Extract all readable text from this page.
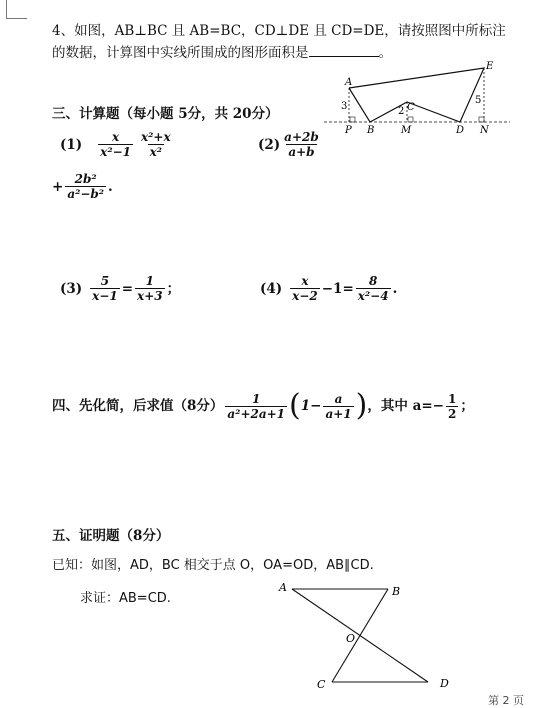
4、如图，AB⊥BC 且 AB=BC，CD⊥DE 且 CD=DE，请按照图中所标注
的数据，计算图中实线所围成的图形面积是	。
A
E
P B	M
C
D N
3	2
5
三、计算题（每小题 5分，共 20分）
$(1) \frac{x}{\text{x²−1}} \frac{\text{x²+x}}{\text{x²}}$	$(2) \frac{a+2b}{a+b}$
+ $\frac{\text{2b²}}{\text{a²−b²}}$ .
$(3) \frac{5}{x-1} = \frac{1}{x+3}$ ；	$(4) \frac{x}{x-2} -1= \frac{8}{\text{x²−4}}$ .
四、先化简，后求值（8分） $\frac{1}{\text{a²+2a+1}}$ ( $1- \frac{a}{a+1}$ ) ，其中 $a=- \frac{1}{2}$ ；
五、证明题（8分）
已知：如图，AD，BC 相交于点 O，OA=OD，AB∥CD.
求证：AB=CD.
A	B
O
C	D
第 2 页
